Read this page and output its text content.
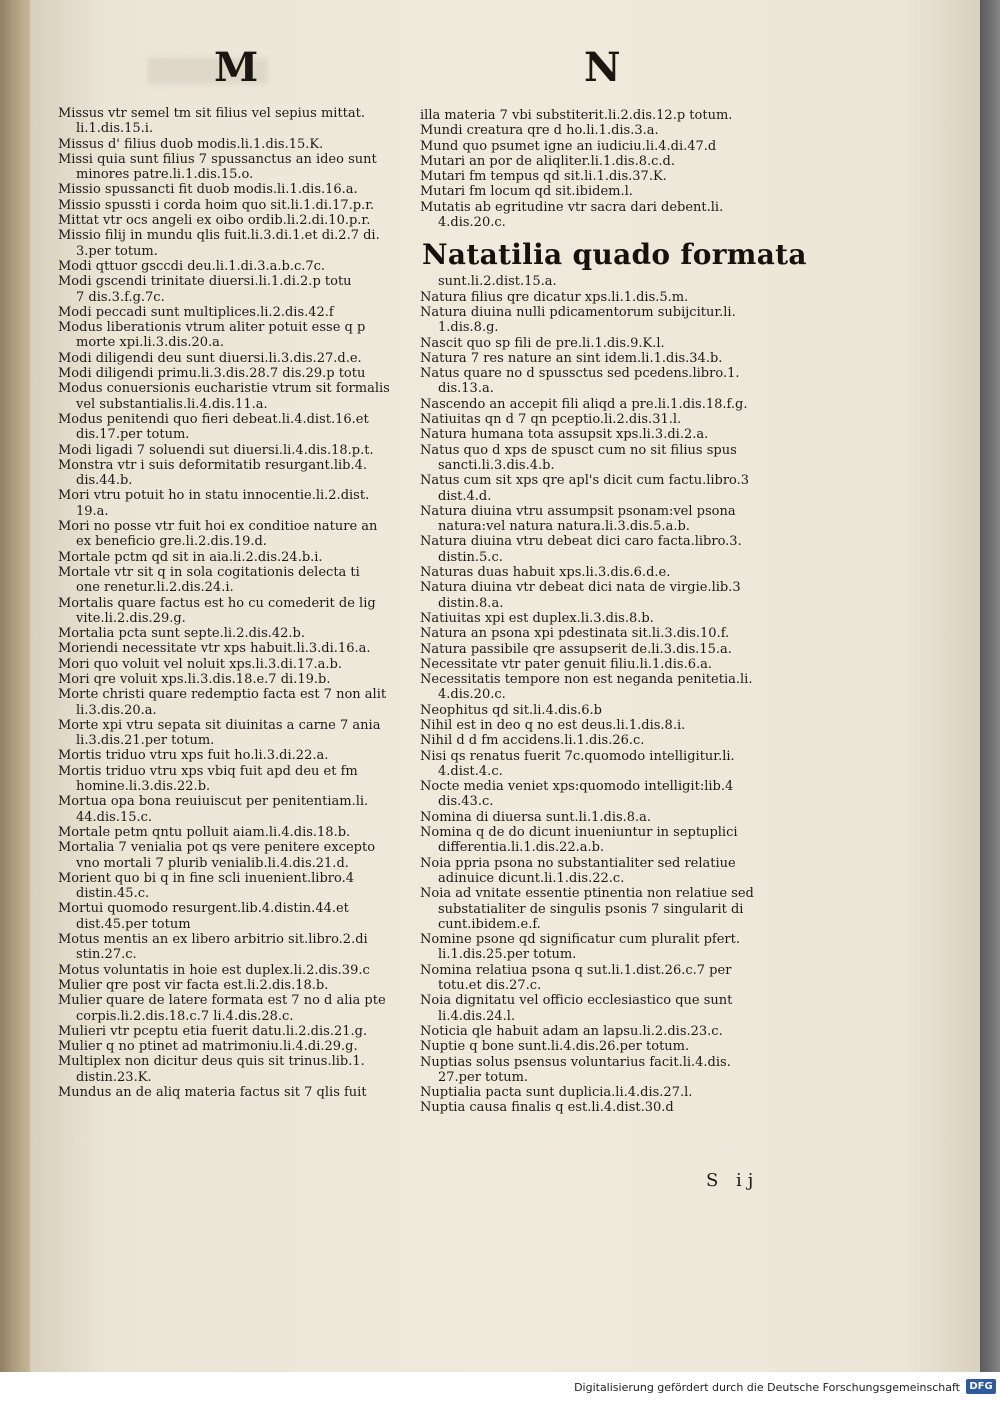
M	N
Missus vtr semel tm sit filius vel sepius mittat.
li.1.dis.15.i.
Missus d' filius duob modis.li.1.dis.15.K.
Missi quia sunt filius 7 spussanctus an ideo sunt
minores patre.li.1.dis.15.o.
Missio spussancti fit duob modis.li.1.dis.16.a.
Missio spussti i corda hoim quo sit.li.1.di.17.p.r.
Mittat vtr ocs angeli ex oibo ordib.li.2.di.10.p.r.
Missio filij in mundu qlis fuit.li.3.di.1.et di.2.7 di.
3.per totum.
Modi qttuor gsccdi deu.li.1.di.3.a.b.c.7c.
Modi gscendi trinitate diuersi.li.1.di.2.p totu
7 dis.3.f.g.7c.
Modi peccadi sunt multiplices.li.2.dis.42.f
Modus liberationis vtrum aliter potuit esse q p
morte xpi.li.3.dis.20.a.
Modi diligendi deu sunt diuersi.li.3.dis.27.d.e.
Modi diligendi primu.li.3.dis.28.7 dis.29.p totu
Modus conuersionis eucharistie vtrum sit formalis
vel substantialis.li.4.dis.11.a.
Modus penitendi quo fieri debeat.li.4.dist.16.et
dis.17.per totum.
Modi ligadi 7 soluendi sut diuersi.li.4.dis.18.p.t.
Monstra vtr i suis deformitatib resurgant.lib.4.
dis.44.b.
Mori vtru potuit ho in statu innocentie.li.2.dist.
19.a.
Mori no posse vtr fuit hoi ex conditioe nature an
ex beneficio gre.li.2.dis.19.d.
Mortale pctm qd sit in aia.li.2.dis.24.b.i.
Mortale vtr sit q in sola cogitationis delecta ti
one renetur.li.2.dis.24.i.
Mortalis quare factus est ho cu comederit de lig
vite.li.2.dis.29.g.
Mortalia pcta sunt septe.li.2.dis.42.b.
Moriendi necessitate vtr xps habuit.li.3.di.16.a.
Mori quo voluit vel noluit xps.li.3.di.17.a.b.
Mori qre voluit xps.li.3.dis.18.e.7 di.19.b.
Morte christi quare redemptio facta est 7 non alit
li.3.dis.20.a.
Morte xpi vtru sepata sit diuinitas a carne 7 ania
li.3.dis.21.per totum.
Mortis triduo vtru xps fuit ho.li.3.di.22.a.
Mortis triduo vtru xps vbiq fuit apd deu et fm
homine.li.3.dis.22.b.
Mortua opa bona reuiuiscut per penitentiam.li.
44.dis.15.c.
Mortale petm qntu polluit aiam.li.4.dis.18.b.
Mortalia 7 venialia pot qs vere penitere excepto
vno mortali 7 plurib venialib.li.4.dis.21.d.
Morient quo bi q in fine scli inuenient.libro.4
distin.45.c.
Mortui quomodo resurgent.lib.4.distin.44.et
dist.45.per totum
Motus mentis an ex libero arbitrio sit.libro.2.di
stin.27.c.
Motus voluntatis in hoie est duplex.li.2.dis.39.c
Mulier qre post vir facta est.li.2.dis.18.b.
Mulier quare de latere formata est 7 no d alia pte
corpis.li.2.dis.18.c.7 li.4.dis.28.c.
Mulieri vtr pceptu etia fuerit datu.li.2.dis.21.g.
Mulier q no ptinet ad matrimoniu.li.4.di.29.g.
Multiplex non dicitur deus quis sit trinus.lib.1.
distin.23.K.
Mundus an de aliq materia factus sit 7 qlis fuit
illa materia 7 vbi substiterit.li.2.dis.12.p totum.
Mundi creatura qre d ho.li.1.dis.3.a.
Mund quo psumet igne an iudiciu.li.4.di.47.d
Mutari an por de aliqliter.li.1.dis.8.c.d.
Mutari fm tempus qd sit.li.1.dis.37.K.
Mutari fm locum qd sit.ibidem.l.
Mutatis ab egritudine vtr sacra dari debent.li.
4.dis.20.c.
Natatilia quado formata
sunt.li.2.dist.15.a.
Natura filius qre dicatur xps.li.1.dis.5.m.
Natura diuina nulli pdicamentorum subijcitur.li.
1.dis.8.g.
Nascit quo sp fili de pre.li.1.dis.9.K.l.
Natura 7 res nature an sint idem.li.1.dis.34.b.
Natus quare no d spussctus sed pcedens.libro.1.
dis.13.a.
Nascendo an accepit fili aliqd a pre.li.1.dis.18.f.g.
Natiuitas qn d 7 qn pceptio.li.2.dis.31.l.
Natura humana tota assupsit xps.li.3.di.2.a.
Natus quo d xps de spusct cum no sit filius spus
sancti.li.3.dis.4.b.
Natus cum sit xps qre apl's dicit cum factu.libro.3
dist.4.d.
Natura diuina vtru assumpsit psonam:vel psona
natura:vel natura natura.li.3.dis.5.a.b.
Natura diuina vtru debeat dici caro facta.libro.3.
distin.5.c.
Naturas duas habuit xps.li.3.dis.6.d.e.
Natura diuina vtr debeat dici nata de virgie.lib.3
distin.8.a.
Natiuitas xpi est duplex.li.3.dis.8.b.
Natura an psona xpi pdestinata sit.li.3.dis.10.f.
Natura passibile qre assupserit de.li.3.dis.15.a.
Necessitate vtr pater genuit filiu.li.1.dis.6.a.
Necessitatis tempore non est neganda penitetia.li.
4.dis.20.c.
Neophitus qd sit.li.4.dis.6.b
Nihil est in deo q no est deus.li.1.dis.8.i.
Nihil d d fm accidens.li.1.dis.26.c.
Nisi qs renatus fuerit 7c.quomodo intelligitur.li.
4.dist.4.c.
Nocte media veniet xps:quomodo intelligit:lib.4
dis.43.c.
Nomina di diuersa sunt.li.1.dis.8.a.
Nomina q de do dicunt inueniuntur in septuplici
differentia.li.1.dis.22.a.b.
Noia ppria psona no substantialiter sed relatiue
adinuice dicunt.li.1.dis.22.c.
Noia ad vnitate essentie ptinentia non relatiue sed
substatialiter de singulis psonis 7 singularit di
cunt.ibidem.e.f.
Nomine psone qd significatur cum pluralit pfert.
li.1.dis.25.per totum.
Nomina relatiua psona q sut.li.1.dist.26.c.7 per
totu.et dis.27.c.
Noia dignitatu vel officio ecclesiastico que sunt
li.4.dis.24.l.
Noticia qle habuit adam an lapsu.li.2.dis.23.c.
Nuptie q bone sunt.li.4.dis.26.per totum.
Nuptias solus psensus voluntarius facit.li.4.dis.
27.per totum.
Nuptialia pacta sunt duplicia.li.4.dis.27.l.
Nuptia causa finalis q est.li.4.dist.30.d
S ij
Digitalisierung gefördert durch die Deutsche Forschungsgemeinschaft DFG
